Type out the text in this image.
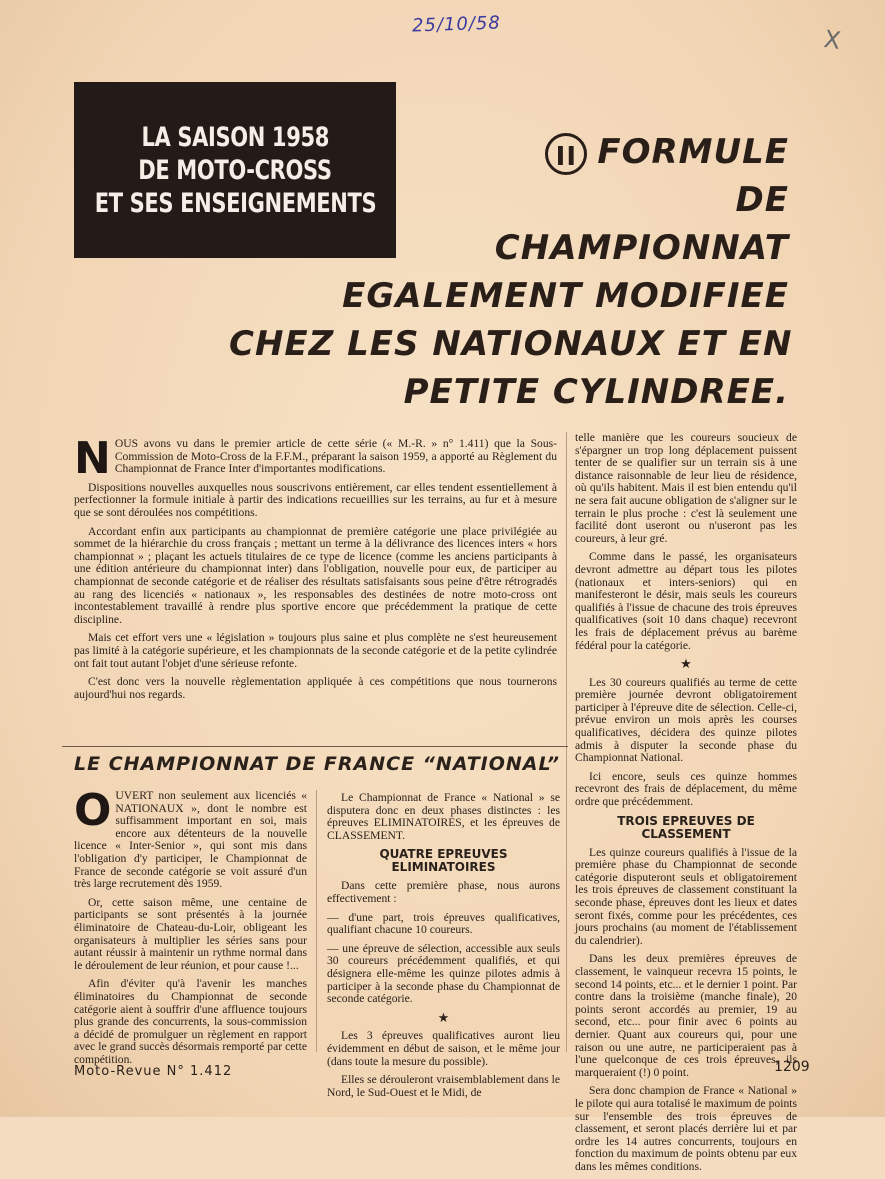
25/10/58
X
LA SAISON 1958
DE MOTO-CROSS
ET SES ENSEIGNEMENTS
II FORMULE
DE
CHAMPIONNAT
EGALEMENT MODIFIEE
CHEZ LES NATIONAUX ET EN
PETITE CYLINDREE.

NOUS avons vu dans le premier article de cette série (« M.-R. » n° 1.411) que la Sous-Commission de Moto-Cross de la F.F.M., préparant la saison 1959, a apporté au Règlement du Championnat de France Inter d'importantes modifications.

Dispositions nouvelles auxquelles nous souscrivons entièrement, car elles tendent essentiellement à perfectionner la formule initiale à partir des indications recueillies sur les terrains, au fur et à mesure que se sont déroulées nos compétitions.

Accordant enfin aux participants au championnat de première catégorie une place privilégiée au sommet de la hiérarchie du cross français ; mettant un terme à la délivrance des licences inters « hors championnat » ; plaçant les actuels titulaires de ce type de licence (comme les anciens participants à une édition antérieure du championnat inter) dans l'obligation, nouvelle pour eux, de participer au championnat de seconde catégorie et de réaliser des résultats satisfaisants sous peine d'être rétrogradés au rang des licenciés « nationaux », les responsables des destinées de notre moto-cross ont incontestablement travaillé à rendre plus sportive encore que précédemment la pratique de cette discipline.

Mais cet effort vers une « législation » toujours plus saine et plus complète ne s'est heureusement pas limité à la catégorie supérieure, et les championnats de la seconde catégorie et de la petite cylindrée ont fait tout autant l'objet d'une sérieuse refonte.

C'est donc vers la nouvelle règlementation appliquée à ces compétitions que nous tournerons aujourd'hui nos regards.

telle manière que les coureurs soucieux de s'épargner un trop long déplacement puissent tenter de se qualifier sur un terrain sis à une distance raisonnable de leur lieu de résidence, où qu'ils habitent. Mais il est bien entendu qu'il ne sera fait aucune obligation de s'aligner sur le terrain le plus proche : c'est là seulement une facilité dont useront ou n'useront pas les coureurs, à leur gré.

Comme dans le passé, les organisateurs devront admettre au départ tous les pilotes (nationaux et inters-seniors) qui en manifesteront le désir, mais seuls les coureurs qualifiés à l'issue de chacune des trois épreuves qualificatives (soit 10 dans chaque) recevront les frais de déplacement prévus au barème fédéral pour la catégorie.

★

Les 30 coureurs qualifiés au terme de cette première journée devront obligatoirement participer à l'épreuve dite de sélection. Celle-ci, prévue environ un mois après les courses qualificatives, décidera des quinze pilotes admis à disputer la seconde phase du Championnat National.

Ici encore, seuls ces quinze hommes recevront des frais de déplacement, du même ordre que précédemment.

TROIS EPREUVES DE CLASSEMENT

Les quinze coureurs qualifiés à l'issue de la première phase du Championnat de seconde catégorie disputeront seuls et obligatoirement les trois épreuves de classement constituant la seconde phase, épreuves dont les lieux et dates seront fixés, comme pour les précédentes, ces jours prochains (au moment de l'établissement du calendrier).

Dans les deux premières épreuves de classement, le vainqueur recevra 15 points, le second 14 points, etc... et le dernier 1 point. Par contre dans la troisième (manche finale), 20 points seront accordés au premier, 19 au second, etc... pour finir avec 6 points au dernier. Quant aux coureurs qui, pour une raison ou une autre, ne participeraient pas à l'une quelconque de ces trois épreuves, ils marqueraient (!) 0 point.

Sera donc champion de France « National » le pilote qui aura totalisé le maximum de points sur l'ensemble des trois épreuves de classement, et seront placés derrière lui et par ordre les 14 autres concurrents, toujours en fonction du maximum de points obtenu par eux dans les mêmes conditions.

LE CHAMPIONNAT DE FRANCE “NATIONAL”

OUVERT non seulement aux licenciés « NATIONAUX », dont le nombre est suffisamment important en soi, mais encore aux détenteurs de la nouvelle licence « Inter-Senior », qui sont mis dans l'obligation d'y participer, le Championnat de France de seconde catégorie se voit assuré d'un très large recrutement dès 1959.

Or, cette saison même, une centaine de participants se sont présentés à la journée éliminatoire de Chateau-du-Loir, obligeant les organisateurs à multiplier les séries sans pour autant réussir à maintenir un rythme normal dans le déroulement de leur réunion, et pour cause !...

Afin d'éviter qu'à l'avenir les manches éliminatoires du Championnat de seconde catégorie aient à souffrir d'une affluence toujours plus grande des concurrents, la sous-commission a décidé de promulguer un règlement en rapport avec le grand succès désormais remporté par cette compétition.

Le Championnat de France « National » se disputera donc en deux phases distinctes : les épreuves ELIMINATOIRES, et les épreuves de CLASSEMENT.

QUATRE EPREUVES ELIMINATOIRES

Dans cette première phase, nous aurons effectivement :

— d'une part, trois épreuves qualificatives, qualifiant chacune 10 coureurs.

— une épreuve de sélection, accessible aux seuls 30 coureurs précédemment qualifiés, et qui désignera elle-même les quinze pilotes admis à participer à la seconde phase du Championnat de seconde catégorie.

★

Les 3 épreuves qualificatives auront lieu évidemment en début de saison, et le même jour (dans toute la mesure du possible).

Elles se dérouleront vraisemblablement dans le Nord, le Sud-Ouest et le Midi, de

Moto-Revue N° 1.412	1209
